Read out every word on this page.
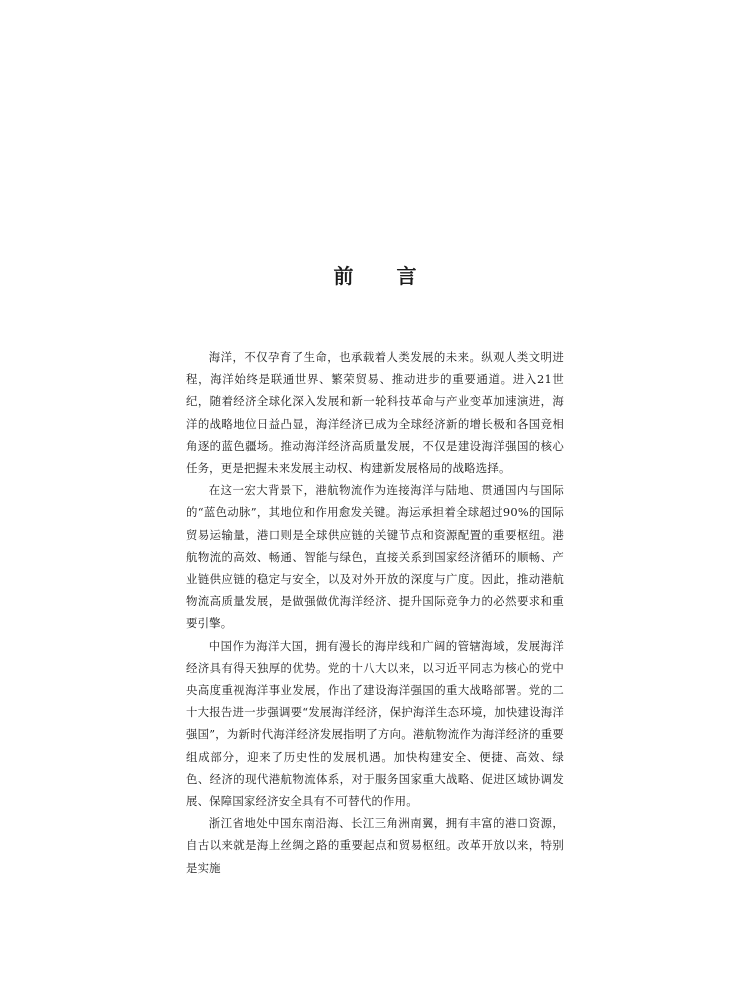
前 言

海洋，不仅孕育了生命，也承载着人类发展的未来。纵观人类文明进程，海洋始终是联通世界、繁荣贸易、推动进步的重要通道。进入21世纪，随着经济全球化深入发展和新一轮科技革命与产业变革加速演进，海洋的战略地位日益凸显，海洋经济已成为全球经济新的增长极和各国竞相角逐的蓝色疆场。推动海洋经济高质量发展，不仅是建设海洋强国的核心任务，更是把握未来发展主动权、构建新发展格局的战略选择。

在这一宏大背景下，港航物流作为连接海洋与陆地、贯通国内与国际的“蓝色动脉”，其地位和作用愈发关键。海运承担着全球超过90%的国际贸易运输量，港口则是全球供应链的关键节点和资源配置的重要枢纽。港航物流的高效、畅通、智能与绿色，直接关系到国家经济循环的顺畅、产业链供应链的稳定与安全，以及对外开放的深度与广度。因此，推动港航物流高质量发展，是做强做优海洋经济、提升国际竞争力的必然要求和重要引擎。

中国作为海洋大国，拥有漫长的海岸线和广阔的管辖海域，发展海洋经济具有得天独厚的优势。党的十八大以来，以习近平同志为核心的党中央高度重视海洋事业发展，作出了建设海洋强国的重大战略部署。党的二十大报告进一步强调要“发展海洋经济，保护海洋生态环境，加快建设海洋强国”，为新时代海洋经济发展指明了方向。港航物流作为海洋经济的重要组成部分，迎来了历史性的发展机遇。加快构建安全、便捷、高效、绿色、经济的现代港航物流体系，对于服务国家重大战略、促进区域协调发展、保障国家经济安全具有不可替代的作用。

浙江省地处中国东南沿海、长江三角洲南翼，拥有丰富的港口资源，自古以来就是海上丝绸之路的重要起点和贸易枢纽。改革开放以来，特别是实施
